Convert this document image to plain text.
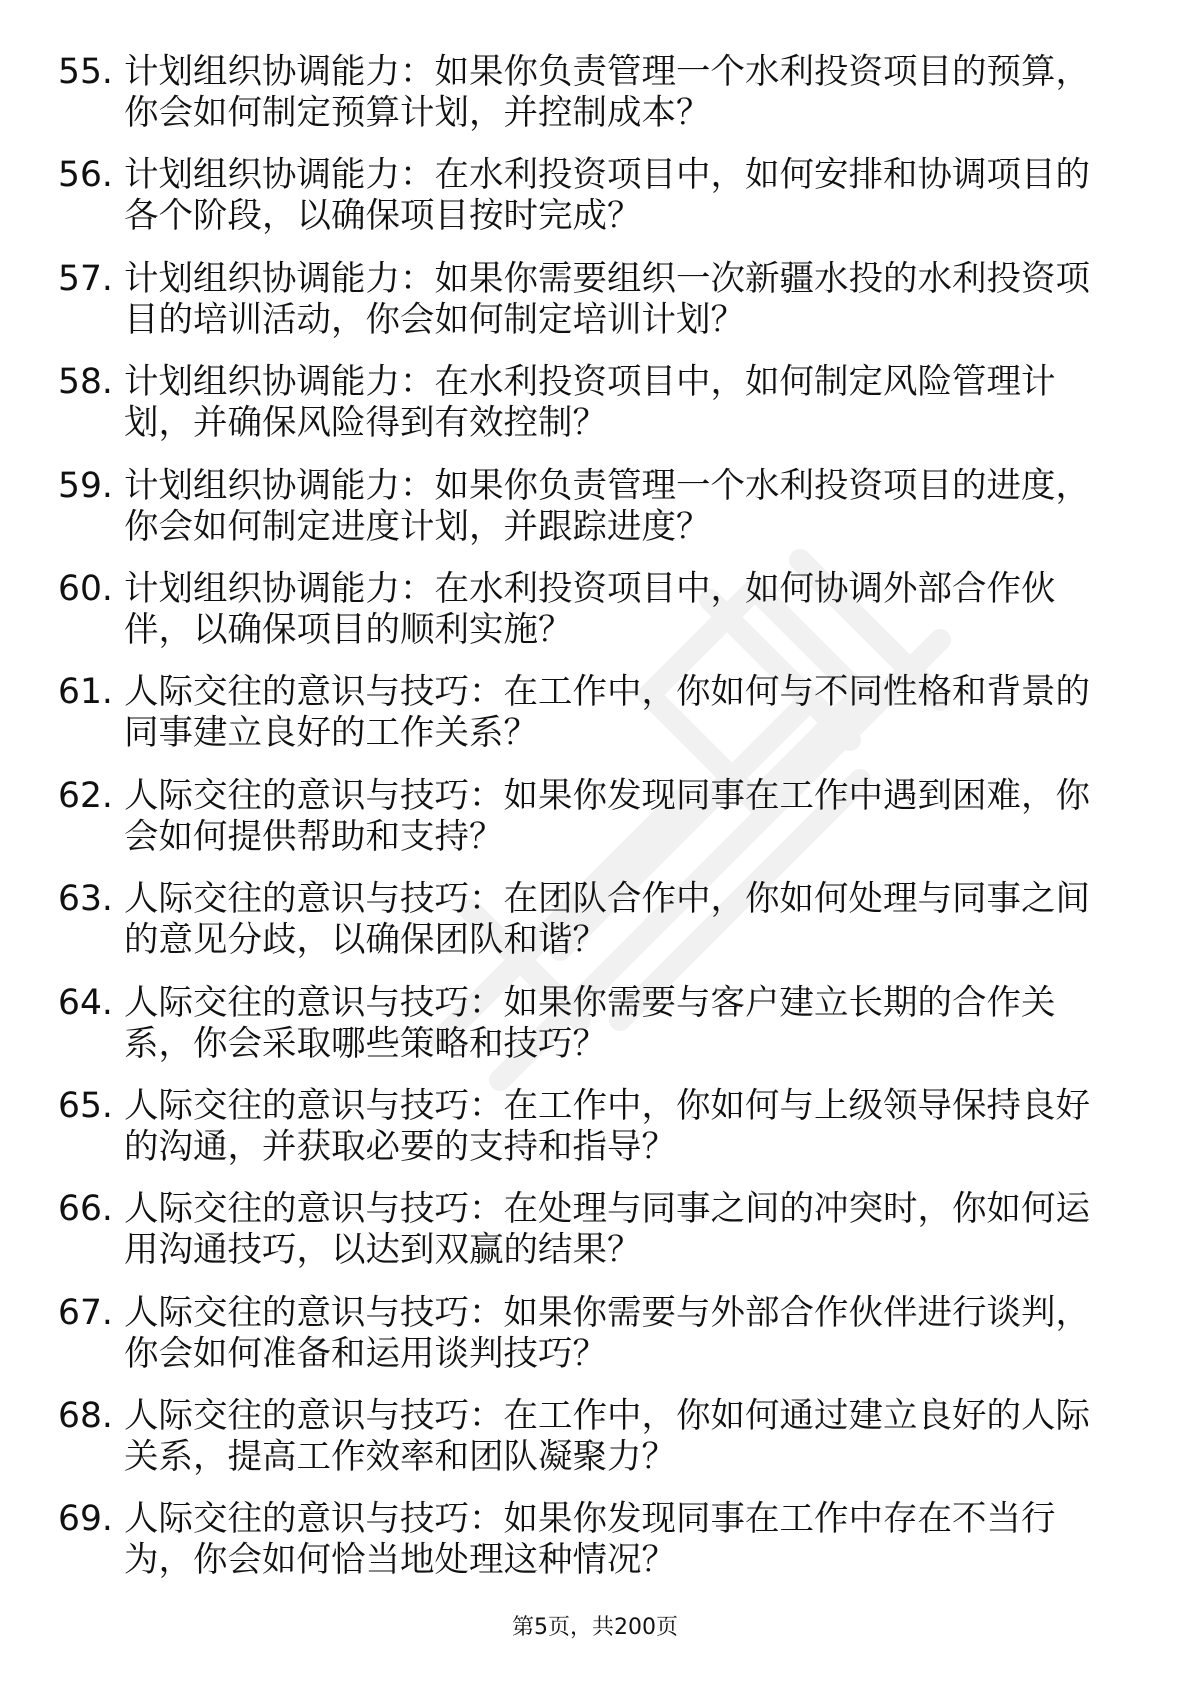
55. 计划组织协调能力：如果你负责管理一个水利投资项目的预算，你会如何制定预算计划，并控制成本？
56. 计划组织协调能力：在水利投资项目中，如何安排和协调项目的各个阶段，以确保项目按时完成？
57. 计划组织协调能力：如果你需要组织一次新疆水投的水利投资项目的培训活动，你会如何制定培训计划？
58. 计划组织协调能力：在水利投资项目中，如何制定风险管理计划，并确保风险得到有效控制？
59. 计划组织协调能力：如果你负责管理一个水利投资项目的进度，你会如何制定进度计划，并跟踪进度？
60. 计划组织协调能力：在水利投资项目中，如何协调外部合作伙伴，以确保项目的顺利实施？
61. 人际交往的意识与技巧：在工作中，你如何与不同性格和背景的同事建立良好的工作关系？
62. 人际交往的意识与技巧：如果你发现同事在工作中遇到困难，你会如何提供帮助和支持？
63. 人际交往的意识与技巧：在团队合作中，你如何处理与同事之间的意见分歧，以确保团队和谐？
64. 人际交往的意识与技巧：如果你需要与客户建立长期的合作关系，你会采取哪些策略和技巧？
65. 人际交往的意识与技巧：在工作中，你如何与上级领导保持良好的沟通，并获取必要的支持和指导？
66. 人际交往的意识与技巧：在处理与同事之间的冲突时，你如何运用沟通技巧，以达到双赢的结果？
67. 人际交往的意识与技巧：如果你需要与外部合作伙伴进行谈判，你会如何准备和运用谈判技巧？
68. 人际交往的意识与技巧：在工作中，你如何通过建立良好的人际关系，提高工作效率和团队凝聚力？
69. 人际交往的意识与技巧：如果你发现同事在工作中存在不当行为，你会如何恰当地处理这种情况？
第5页，共200页
